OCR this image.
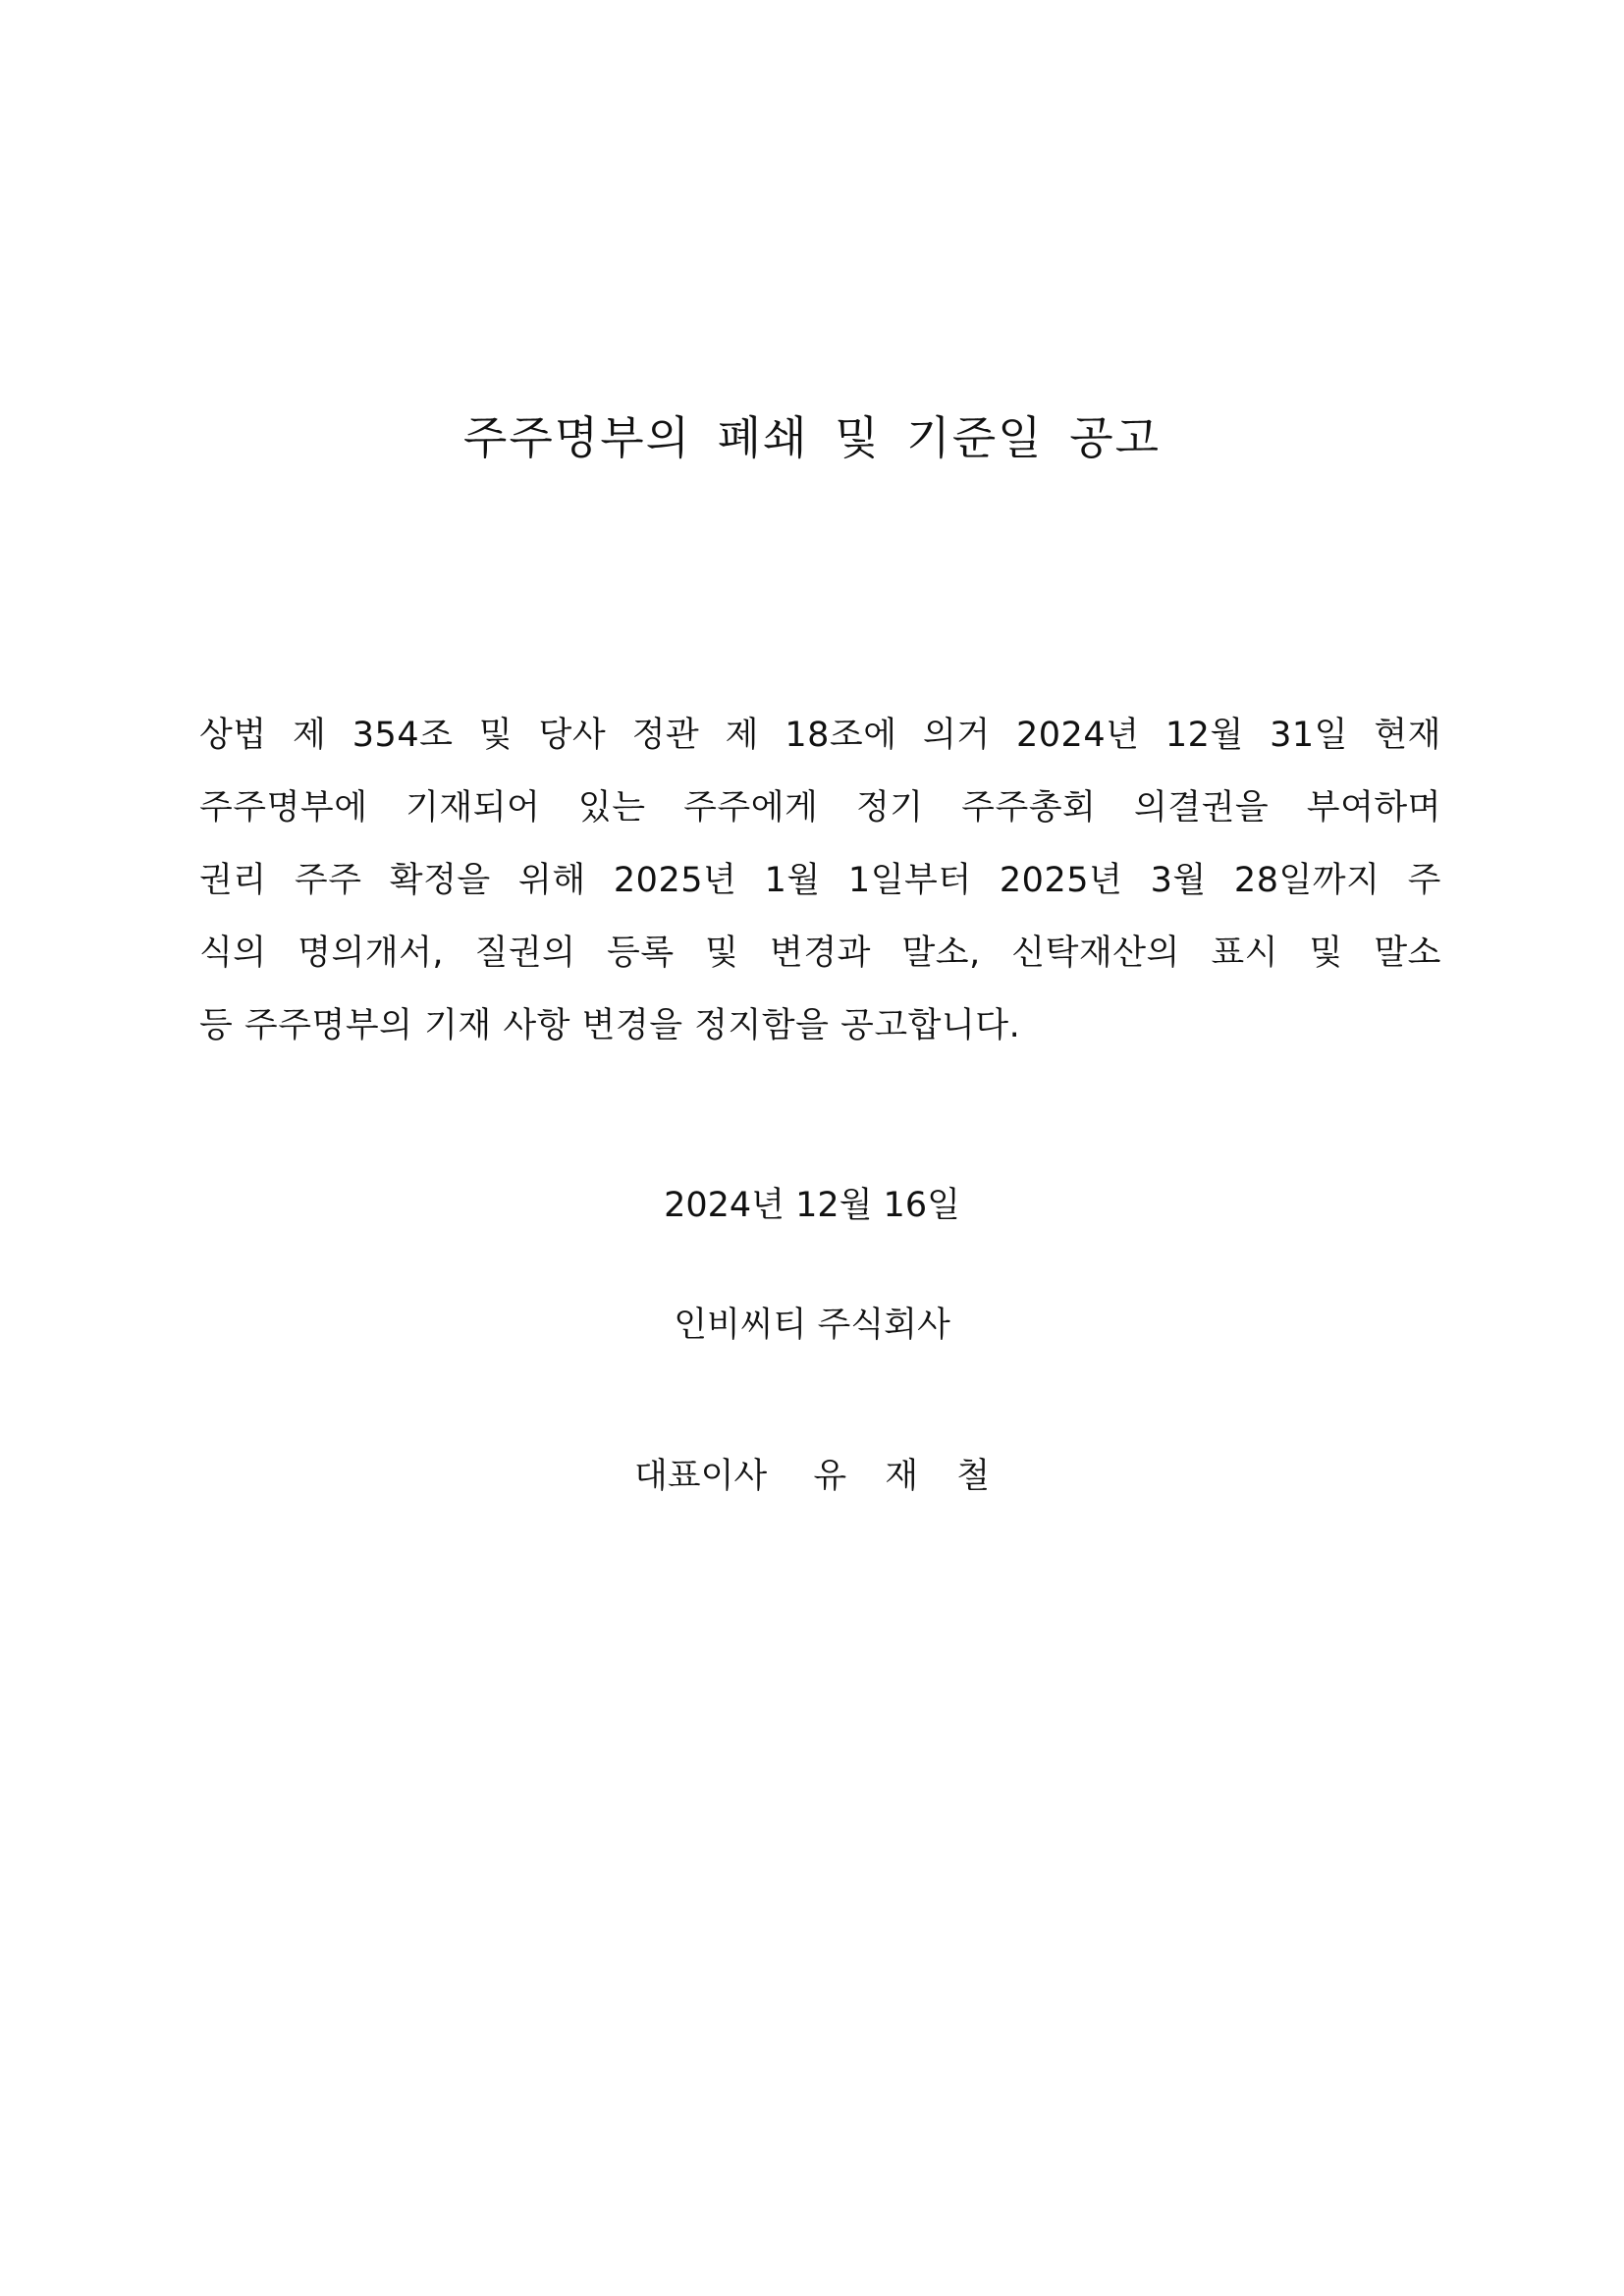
주주명부의 폐쇄 및 기준일 공고
상법 제 354조 및 당사 정관 제 18조에 의거 2024년 12월 31일 현재
주주명부에 기재되어 있는 주주에게 정기 주주총회 의결권을 부여하며
권리 주주 확정을 위해 2025년 1월 1일부터 2025년 3월 28일까지 주
식의 명의개서, 질권의 등록 및 변경과 말소, 신탁재산의 표시 및 말소
등 주주명부의 기재 사항 변경을 정지함을 공고합니다.
2024년 12월 16일
인비씨티 주식회사
대표이사 유 재 철
